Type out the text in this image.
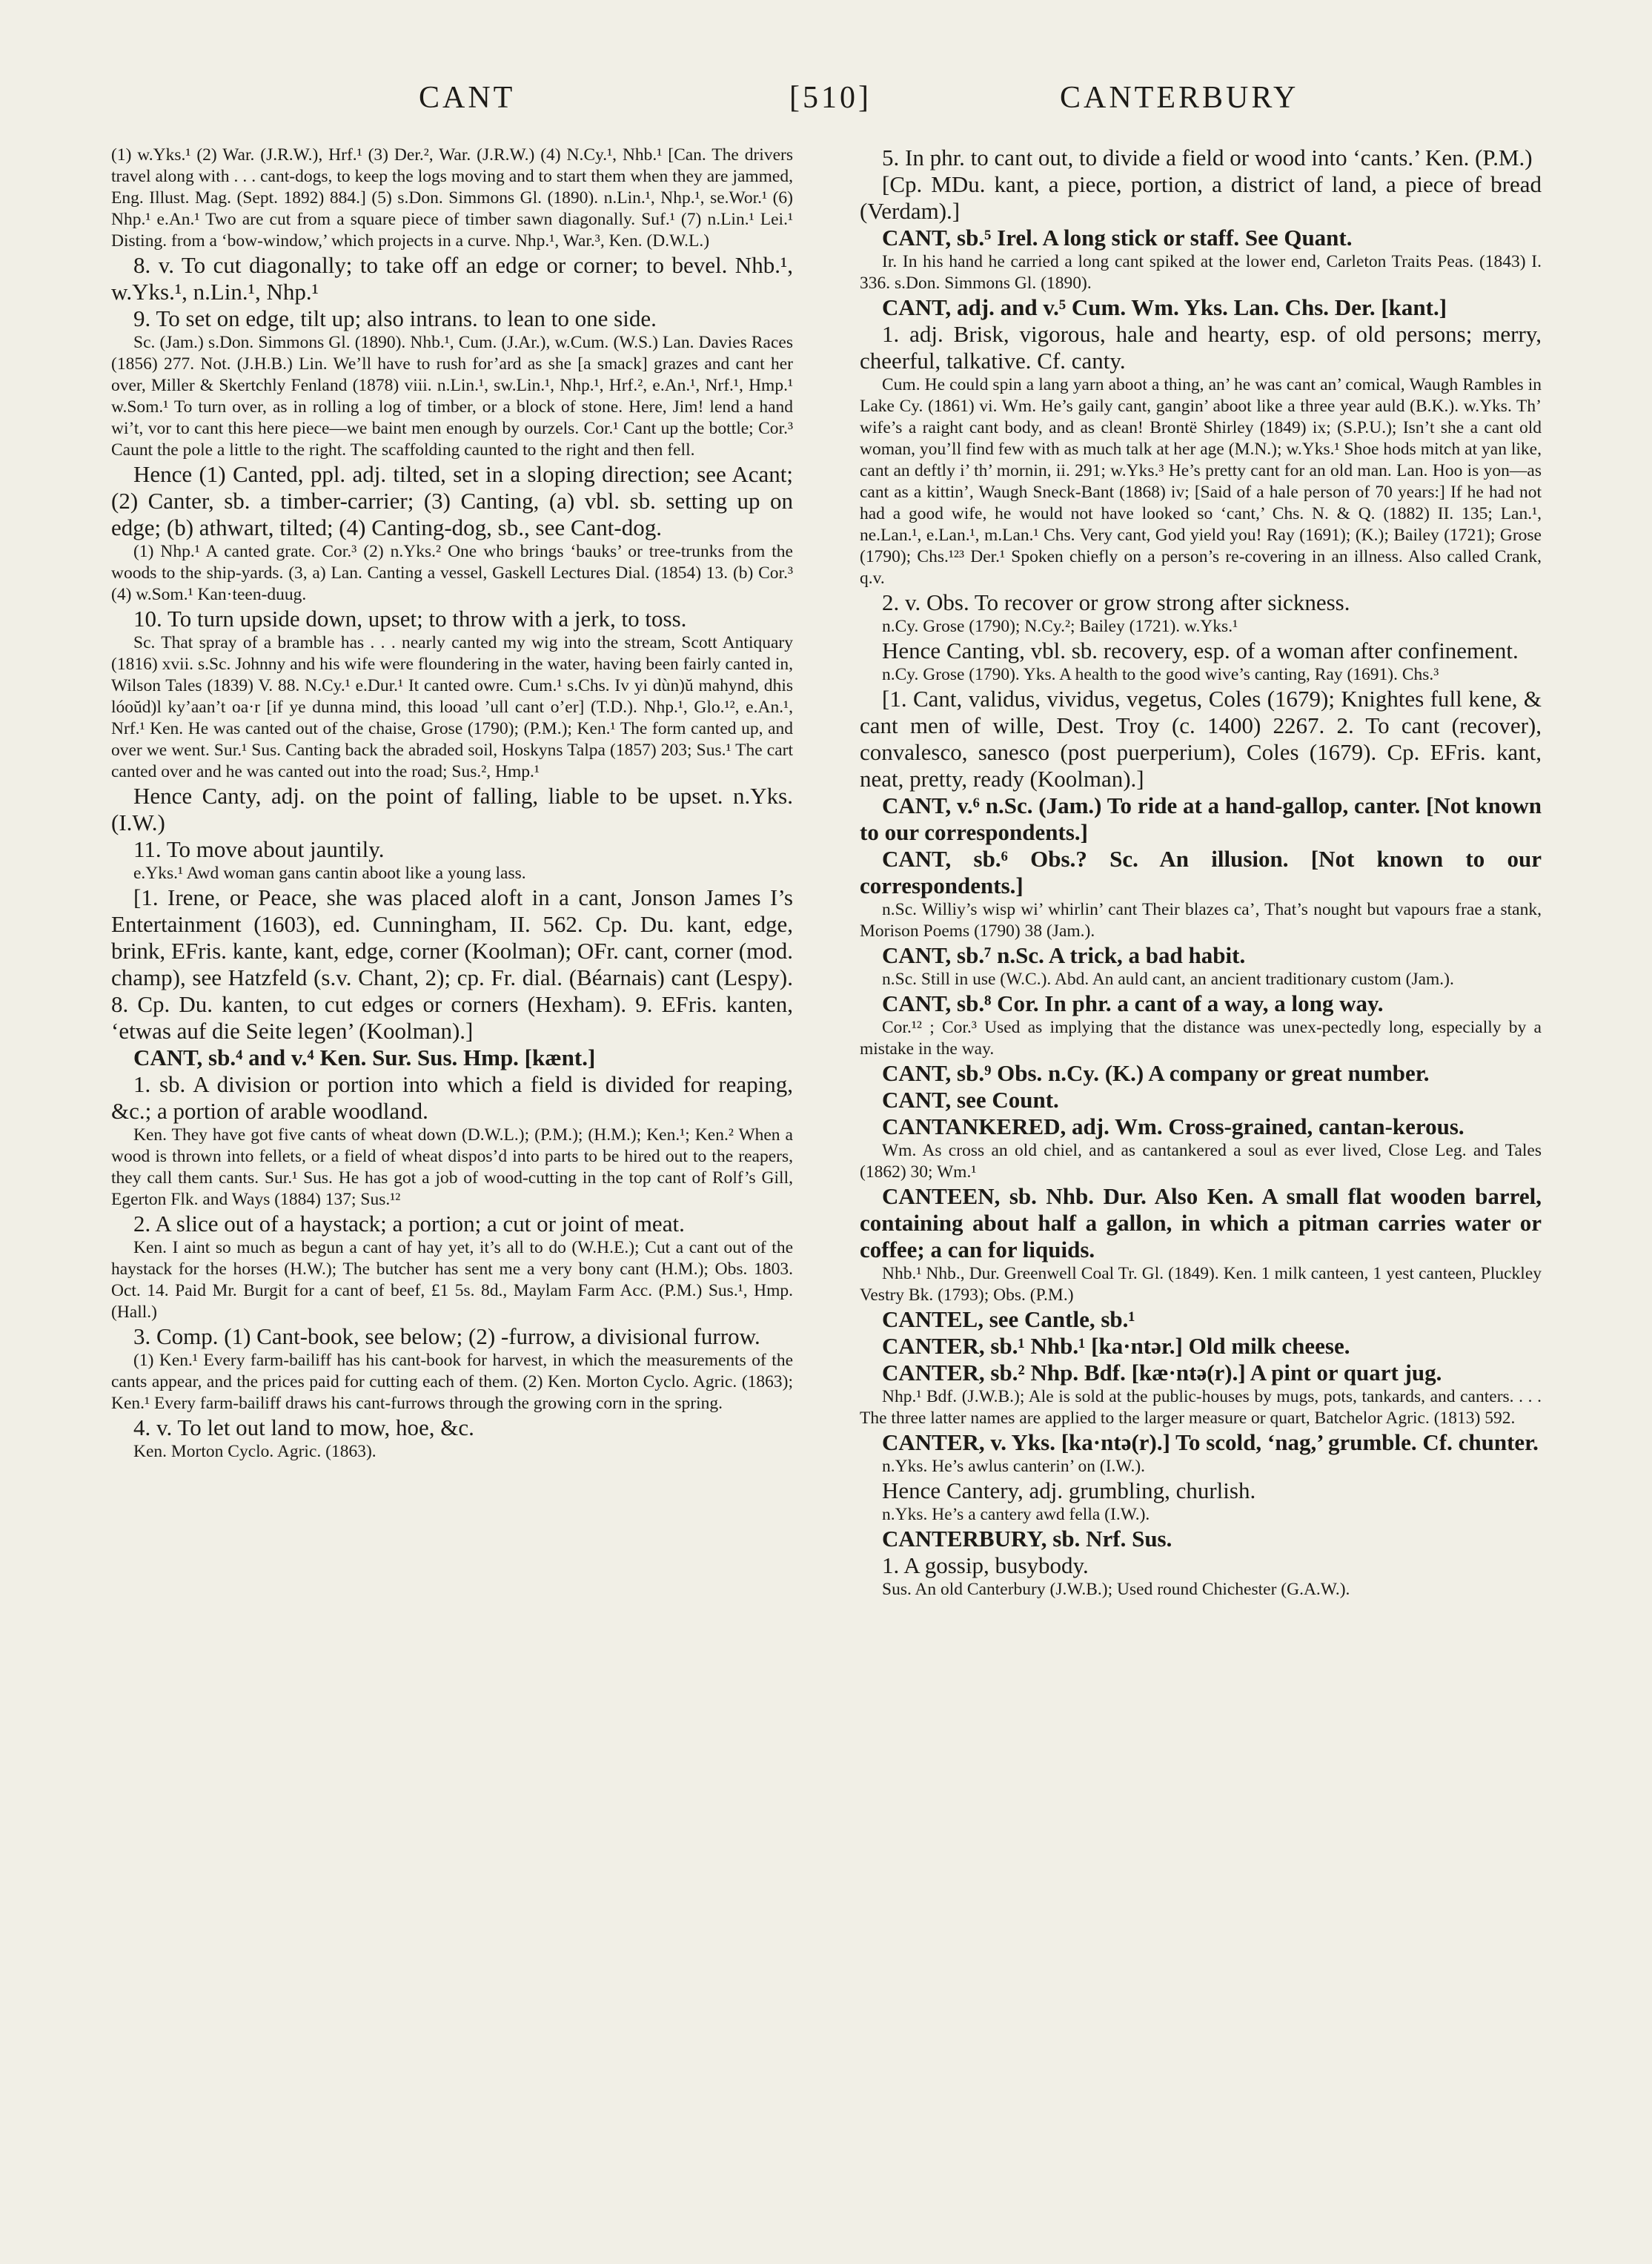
CANT	[510]	CANTERBURY

(1) w.Yks.¹ (2) War. (J.R.W.), Hrf.¹ (3) Der.², War. (J.R.W.) (4) N.Cy.¹, Nhb.¹ [Can. The drivers travel along with . . . cant-dogs, to keep the logs moving and to start them when they are jammed, Eng. Illust. Mag. (Sept. 1892) 884.] (5) s.Don. Simmons Gl. (1890). n.Lin.¹, Nhp.¹, se.Wor.¹ (6) Nhp.¹ e.An.¹ Two are cut from a square piece of timber sawn diagonally. Suf.¹ (7) n.Lin.¹ Lei.¹ Disting. from a ‘bow-window,’ which projects in a curve. Nhp.¹, War.³, Ken. (D.W.L.)

8. v. To cut diagonally; to take off an edge or corner; to bevel. Nhb.¹, w.Yks.¹, n.Lin.¹, Nhp.¹

9. To set on edge, tilt up; also intrans. to lean to one side.

Sc. (Jam.) s.Don. Simmons Gl. (1890). Nhb.¹, Cum. (J.Ar.), w.Cum. (W.S.) Lan. Davies Races (1856) 277. Not. (J.H.B.) Lin. We’ll have to rush for’ard as she [a smack] grazes and cant her over, Miller & Skertchly Fenland (1878) viii. n.Lin.¹, sw.Lin.¹, Nhp.¹, Hrf.², e.An.¹, Nrf.¹, Hmp.¹ w.Som.¹ To turn over, as in rolling a log of timber, or a block of stone. Here, Jim! lend a hand wi’t, vor to cant this here piece—we baint men enough by ourzels. Cor.¹ Cant up the bottle; Cor.³ Caunt the pole a little to the right. The scaffolding caunted to the right and then fell.

Hence (1) Canted, ppl. adj. tilted, set in a sloping direction; see Acant; (2) Canter, sb. a timber-carrier; (3) Canting, (a) vbl. sb. setting up on edge; (b) athwart, tilted; (4) Canting-dog, sb., see Cant-dog.

(1) Nhp.¹ A canted grate. Cor.³ (2) n.Yks.² One who brings ‘bauks’ or tree-trunks from the woods to the ship-yards. (3, a) Lan. Canting a vessel, Gaskell Lectures Dial. (1854) 13. (b) Cor.³ (4) w.Som.¹ Kan·teen-duug.

10. To turn upside down, upset; to throw with a jerk, to toss.

Sc. That spray of a bramble has . . . nearly canted my wig into the stream, Scott Antiquary (1816) xvii. s.Sc. Johnny and his wife were floundering in the water, having been fairly canted in, Wilson Tales (1839) V. 88. N.Cy.¹ e.Dur.¹ It canted owre. Cum.¹ s.Chs. Iv yi dùn)ŭ mahynd, dhis lóoŭd)l ky’aan’t oa·r [if ye dunna mind, this looad ’ull cant o’er] (T.D.). Nhp.¹, Glo.¹², e.An.¹, Nrf.¹ Ken. He was canted out of the chaise, Grose (1790); (P.M.); Ken.¹ The form canted up, and over we went. Sur.¹ Sus. Canting back the abraded soil, Hoskyns Talpa (1857) 203; Sus.¹ The cart canted over and he was canted out into the road; Sus.², Hmp.¹

Hence Canty, adj. on the point of falling, liable to be upset. n.Yks. (I.W.)

11. To move about jauntily.

e.Yks.¹ Awd woman gans cantin aboot like a young lass.

[1. Irene, or Peace, she was placed aloft in a cant, Jonson James I’s Entertainment (1603), ed. Cunningham, II. 562. Cp. Du. kant, edge, brink, EFris. kante, kant, edge, corner (Koolman); OFr. cant, corner (mod. champ), see Hatzfeld (s.v. Chant, 2); cp. Fr. dial. (Béarnais) cant (Lespy). 8. Cp. Du. kanten, to cut edges or corners (Hexham). 9. EFris. kanten, ‘etwas auf die Seite legen’ (Koolman).]

CANT, sb.⁴ and v.⁴ Ken. Sur. Sus. Hmp. [kænt.]

1. sb. A division or portion into which a field is divided for reaping, &c.; a portion of arable woodland.

Ken. They have got five cants of wheat down (D.W.L.); (P.M.); (H.M.); Ken.¹; Ken.² When a wood is thrown into fellets, or a field of wheat dispos’d into parts to be hired out to the reapers, they call them cants. Sur.¹ Sus. He has got a job of wood-cutting in the top cant of Rolf’s Gill, Egerton Flk. and Ways (1884) 137; Sus.¹²

2. A slice out of a haystack; a portion; a cut or joint of meat.

Ken. I aint so much as begun a cant of hay yet, it’s all to do (W.H.E.); Cut a cant out of the haystack for the horses (H.W.); The butcher has sent me a very bony cant (H.M.); Obs. 1803. Oct. 14. Paid Mr. Burgit for a cant of beef, £1 5s. 8d., Maylam Farm Acc. (P.M.) Sus.¹, Hmp. (Hall.)

3. Comp. (1) Cant-book, see below; (2) -furrow, a divisional furrow.

(1) Ken.¹ Every farm-bailiff has his cant-book for harvest, in which the measurements of the cants appear, and the prices paid for cutting each of them. (2) Ken. Morton Cyclo. Agric. (1863); Ken.¹ Every farm-bailiff draws his cant-furrows through the growing corn in the spring.

4. v. To let out land to mow, hoe, &c.

Ken. Morton Cyclo. Agric. (1863).

5. In phr. to cant out, to divide a field or wood into ‘cants.’ Ken. (P.M.)

[Cp. MDu. kant, a piece, portion, a district of land, a piece of bread (Verdam).]

CANT, sb.⁵ Irel. A long stick or staff. See Quant.

Ir. In his hand he carried a long cant spiked at the lower end, Carleton Traits Peas. (1843) I. 336. s.Don. Simmons Gl. (1890).

CANT, adj. and v.⁵ Cum. Wm. Yks. Lan. Chs. Der. [kant.]

1. adj. Brisk, vigorous, hale and hearty, esp. of old persons; merry, cheerful, talkative. Cf. canty.

Cum. He could spin a lang yarn aboot a thing, an’ he was cant an’ comical, Waugh Rambles in Lake Cy. (1861) vi. Wm. He’s gaily cant, gangin’ aboot like a three year auld (B.K.). w.Yks. Th’ wife’s a raight cant body, and as clean! Brontë Shirley (1849) ix; (S.P.U.); Isn’t she a cant old woman, you’ll find few with as much talk at her age (M.N.); w.Yks.¹ Shoe hods mitch at yan like, cant an deftly i’ th’ mornin, ii. 291; w.Yks.³ He’s pretty cant for an old man. Lan. Hoo is yon—as cant as a kittin’, Waugh Sneck-Bant (1868) iv; [Said of a hale person of 70 years:] If he had not had a good wife, he would not have looked so ‘cant,’ Chs. N. & Q. (1882) II. 135; Lan.¹, ne.Lan.¹, e.Lan.¹, m.Lan.¹ Chs. Very cant, God yield you! Ray (1691); (K.); Bailey (1721); Grose (1790); Chs.¹²³ Der.¹ Spoken chiefly on a person’s re-covering in an illness. Also called Crank, q.v.

2. v. Obs. To recover or grow strong after sickness.

n.Cy. Grose (1790); N.Cy.²; Bailey (1721). w.Yks.¹

Hence Canting, vbl. sb. recovery, esp. of a woman after confinement.

n.Cy. Grose (1790). Yks. A health to the good wive’s canting, Ray (1691). Chs.³

[1. Cant, validus, vividus, vegetus, Coles (1679); Knightes full kene, & cant men of wille, Dest. Troy (c. 1400) 2267. 2. To cant (recover), convalesco, sanesco (post puerperium), Coles (1679). Cp. EFris. kant, neat, pretty, ready (Koolman).]

CANT, v.⁶ n.Sc. (Jam.) To ride at a hand-gallop, canter. [Not known to our correspondents.]

CANT, sb.⁶ Obs.? Sc. An illusion. [Not known to our correspondents.]

n.Sc. Williy’s wisp wi’ whirlin’ cant Their blazes ca’, That’s nought but vapours frae a stank, Morison Poems (1790) 38 (Jam.).

CANT, sb.⁷ n.Sc. A trick, a bad habit.

n.Sc. Still in use (W.C.). Abd. An auld cant, an ancient traditionary custom (Jam.).

CANT, sb.⁸ Cor. In phr. a cant of a way, a long way.

Cor.¹² ; Cor.³ Used as implying that the distance was unex-pectedly long, especially by a mistake in the way.

CANT, sb.⁹ Obs. n.Cy. (K.) A company or great number.

CANT, see Count.

CANTANKERED, adj. Wm. Cross-grained, cantan-kerous.

Wm. As cross an old chiel, and as cantankered a soul as ever lived, Close Leg. and Tales (1862) 30; Wm.¹

CANTEEN, sb. Nhb. Dur. Also Ken. A small flat wooden barrel, containing about half a gallon, in which a pitman carries water or coffee; a can for liquids.

Nhb.¹ Nhb., Dur. Greenwell Coal Tr. Gl. (1849). Ken. 1 milk canteen, 1 yest canteen, Pluckley Vestry Bk. (1793); Obs. (P.M.)

CANTEL, see Cantle, sb.¹

CANTER, sb.¹ Nhb.¹ [ka·ntər.] Old milk cheese.

CANTER, sb.² Nhp. Bdf. [kæ·ntə(r).] A pint or quart jug.

Nhp.¹ Bdf. (J.W.B.); Ale is sold at the public-houses by mugs, pots, tankards, and canters. . . . The three latter names are applied to the larger measure or quart, Batchelor Agric. (1813) 592.

CANTER, v. Yks. [ka·ntə(r).] To scold, ‘nag,’ grumble. Cf. chunter.

n.Yks. He’s awlus canterin’ on (I.W.).

Hence Cantery, adj. grumbling, churlish.

n.Yks. He’s a cantery awd fella (I.W.).

CANTERBURY, sb. Nrf. Sus.

1. A gossip, busybody.

Sus. An old Canterbury (J.W.B.); Used round Chichester (G.A.W.).
